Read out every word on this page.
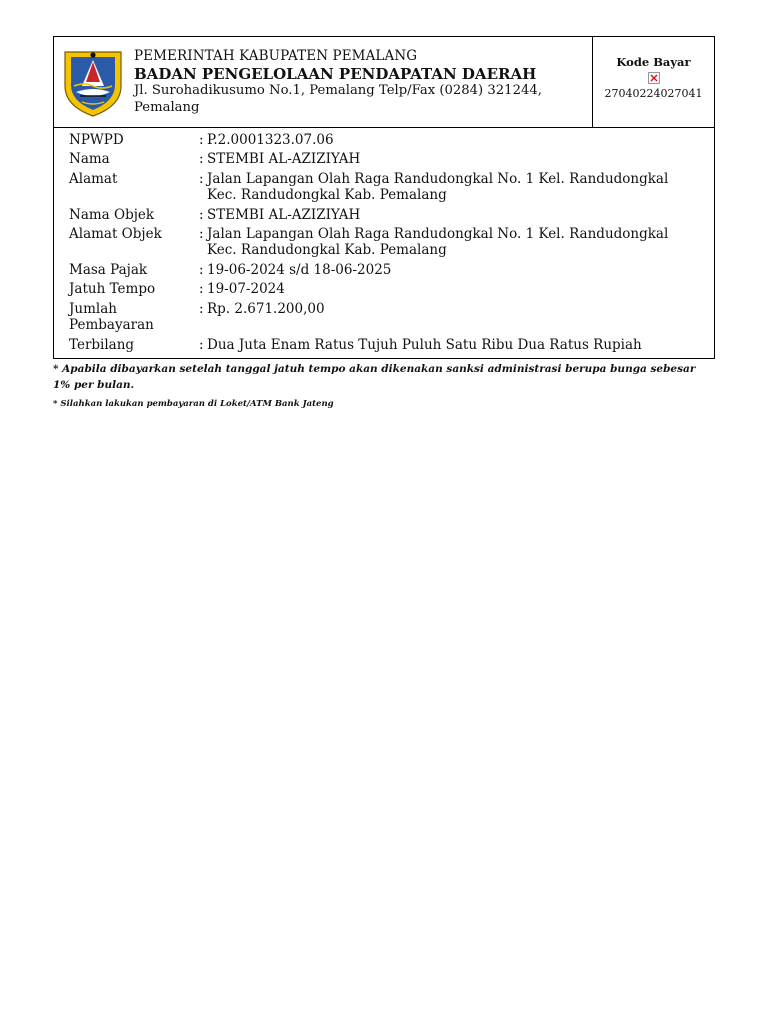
PEMERINTAH KABUPATEN PEMALANG
BADAN PENGELOLAAN PENDAPATAN DAERAH
Jl. Surohadikusumo No.1, Pemalang Telp/Fax (0284) 321244, Pemalang
Kode Bayar
27040224027041
NPWPD	: P.2.0001323.07.06
Nama	: STEMBI AL-AZIZIYAH
Alamat	: Jalan Lapangan Olah Raga Randudongkal No. 1 Kel. Randudongkal Kec. Randudongkal Kab. Pemalang
Nama Objek	: STEMBI AL-AZIZIYAH
Alamat Objek	: Jalan Lapangan Olah Raga Randudongkal No. 1 Kel. Randudongkal Kec. Randudongkal Kab. Pemalang
Masa Pajak	: 19-06-2024 s/d 18-06-2025
Jatuh Tempo	: 19-07-2024
Jumlah Pembayaran
: Rp. 2.671.200,00
Terbilang	: Dua Juta Enam Ratus Tujuh Puluh Satu Ribu Dua Ratus Rupiah
* Apabila dibayarkan setelah tanggal jatuh tempo akan dikenakan sanksi administrasi berupa bunga sebesar 1% per bulan.
* Silahkan lakukan pembayaran di Loket/ATM Bank Jateng
